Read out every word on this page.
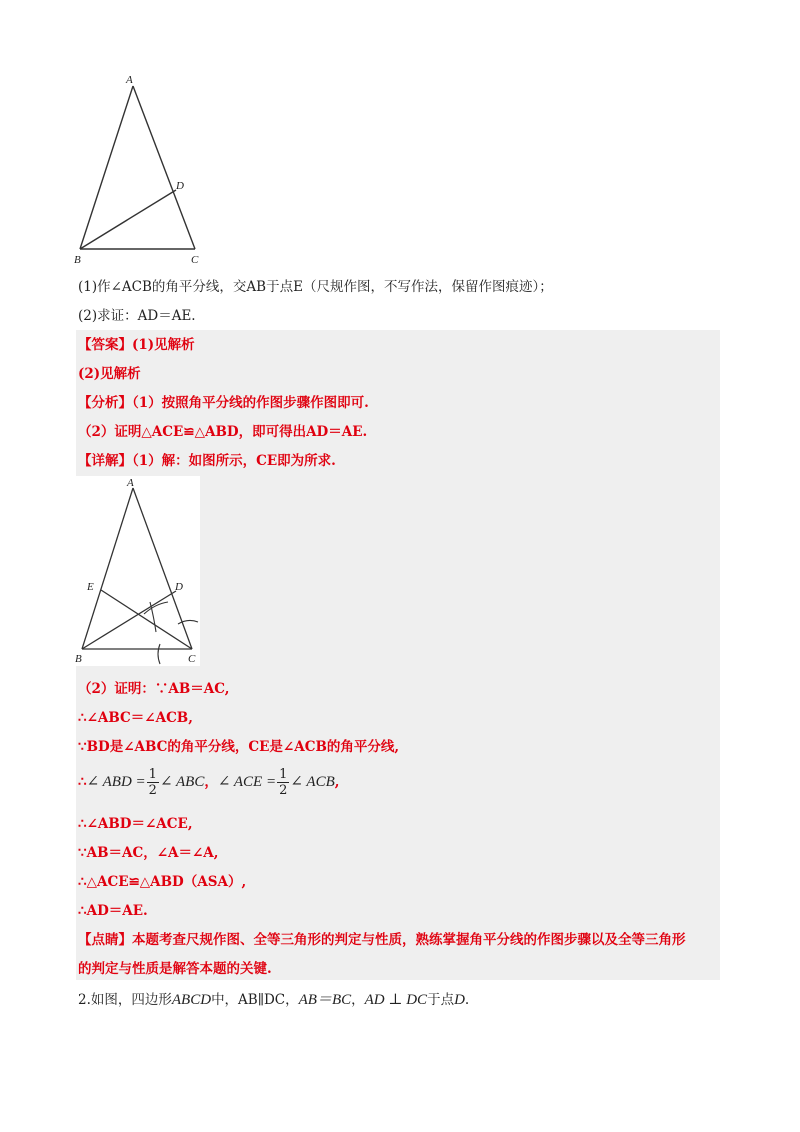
A
D
B	C
(1)作∠ACB的角平分线，交AB于点E（尺规作图，不写作法，保留作图痕迹）；
(2)求证：AD＝AE.
【答案】(1)见解析
(2)见解析
【分析】（1）按照角平分线的作图步骤作图即可.
（2）证明△ACE≌△ABD，即可得出AD＝AE.
【详解】（1）解：如图所示，CE即为所求.
A
E	D
B	C
（2）证明：∵AB＝AC,
∴∠ABC＝∠ACB,
∵BD是∠ABC的角平分线，CE是∠ACB的角平分线,
∴∠ ABD = $\frac{1}{2}$ ∠ ABC，∠ ACE = $\frac{1}{2}$ ∠ ACB,
∴∠ABD＝∠ACE,
∵AB＝AC，∠A＝∠A,
∴△ACE≌△ABD（ASA）,
∴AD＝AE.
【点睛】本题考查尺规作图、全等三角形的判定与性质，熟练掌握角平分线的作图步骤以及全等三角形
的判定与性质是解答本题的关键.
2.如图，四边形ABCD中，AB∥DC，AB＝BC，AD ⊥ DC于点D.
